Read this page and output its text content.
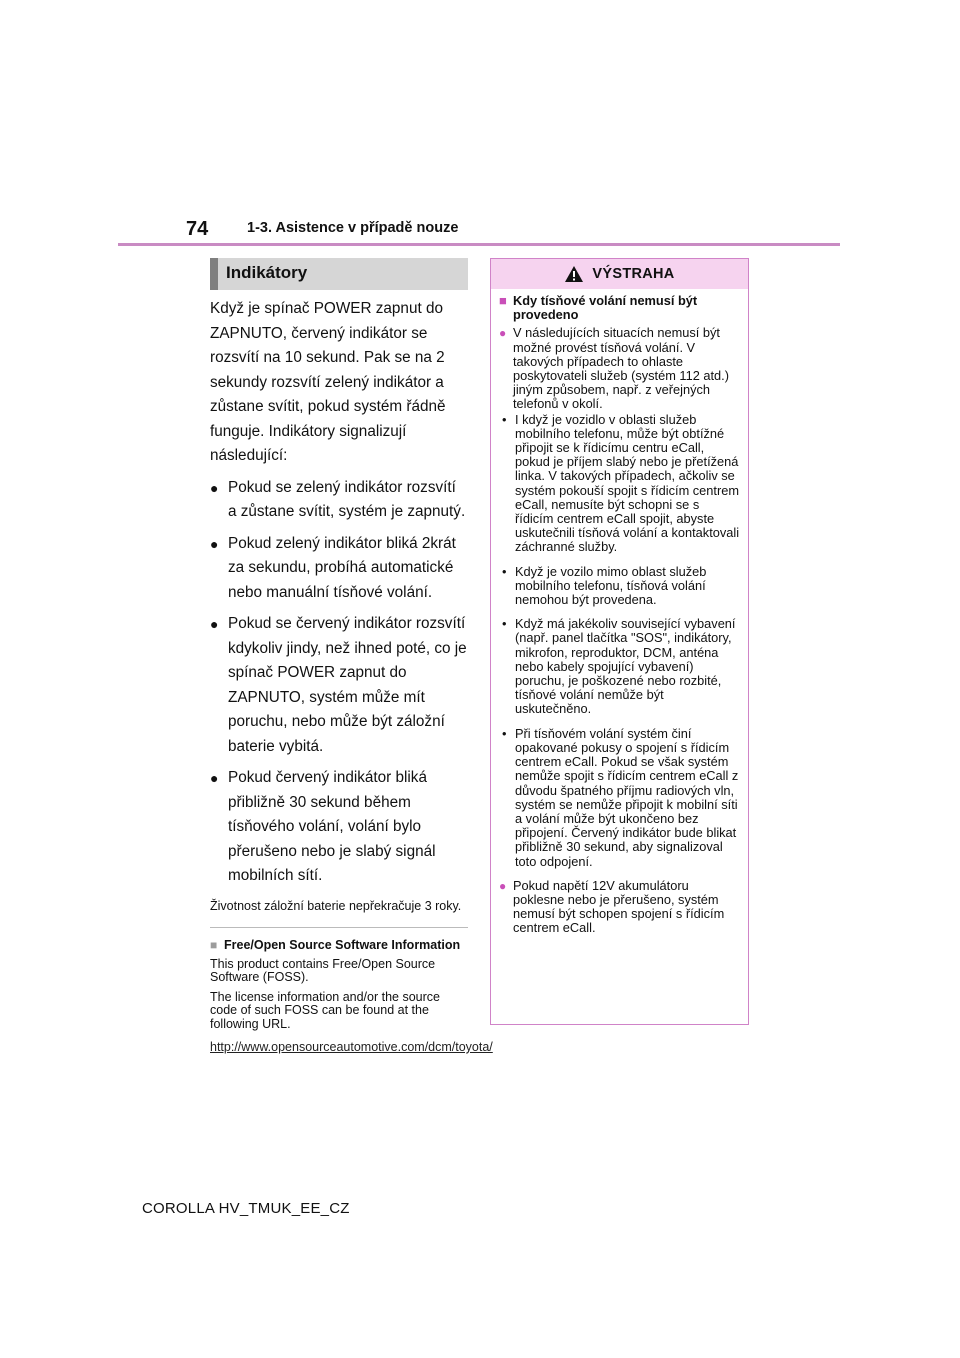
74	1-3. Asistence v případě nouze
Indikátory

Když je spínač POWER zapnut do ZAPNUTO, červený indikátor se rozsvítí na 10 sekund. Pak se na 2 sekundy rozsvítí zelený indikátor a zůstane svítit, pokud systém řádně funguje. Indikátory signalizují následující:

● Pokud se zelený indikátor rozsvítí a zůstane svítit, systém je zapnutý.
● Pokud zelený indikátor bliká 2krát za sekundu, probíhá automatické nebo manuální tísňové volání.
● Pokud se červený indikátor rozsvítí kdykoliv jindy, než ihned poté, co je spínač POWER zapnut do ZAPNUTO, systém může mít poruchu, nebo může být záložní baterie vybitá.
● Pokud červený indikátor bliká přibližně 30 sekund během tísňového volání, volání bylo přerušeno nebo je slabý signál mobilních sítí.
Životnost záložní baterie nepřekračuje 3 roky.
■ Free/Open Source Software Information
This product contains Free/Open Source Software (FOSS).
The license information and/or the source code of such FOSS can be found at the following URL.
http://www.opensourceautomotive.com/dcm/toyota/
VÝSTRAHA
■ Kdy tísňové volání nemusí být provedeno
● V následujících situacích nemusí být možné provést tísňová volání. V takových případech to ohlaste poskytovateli služeb (systém 112 atd.) jiným způsobem, např. z veřejných telefonů v okolí.
• I když je vozidlo v oblasti služeb mobilního telefonu, může být obtížné připojit se k řídicímu centru eCall, pokud je příjem slabý nebo je přetížená linka. V takových případech, ačkoliv se systém pokouší spojit s řídicím centrem eCall, nemusíte být schopni se s řídicím centrem eCall spojit, abyste uskutečnili tísňová volání a kontaktovali záchranné služby.
• Když je vozilo mimo oblast služeb mobilního telefonu, tísňová volání nemohou být provedena.
• Když má jakékoliv související vybavení (např. panel tlačítka "SOS", indikátory, mikrofon, reproduktor, DCM, anténa nebo kabely spojující vybavení) poruchu, je poškozené nebo rozbité, tísňové volání nemůže být uskutečněno.
• Při tísňovém volání systém činí opakované pokusy o spojení s řídicím centrem eCall. Pokud se však systém nemůže spojit s řídicím centrem eCall z důvodu špatného příjmu radiových vln, systém se nemůže připojit k mobilní síti a volání může být ukončeno bez připojení. Červený indikátor bude blikat přibližně 30 sekund, aby signalizoval toto odpojení.
● Pokud napětí 12V akumulátoru poklesne nebo je přerušeno, systém nemusí být schopen spojení s řídicím centrem eCall.
COROLLA HV_TMUK_EE_CZ
